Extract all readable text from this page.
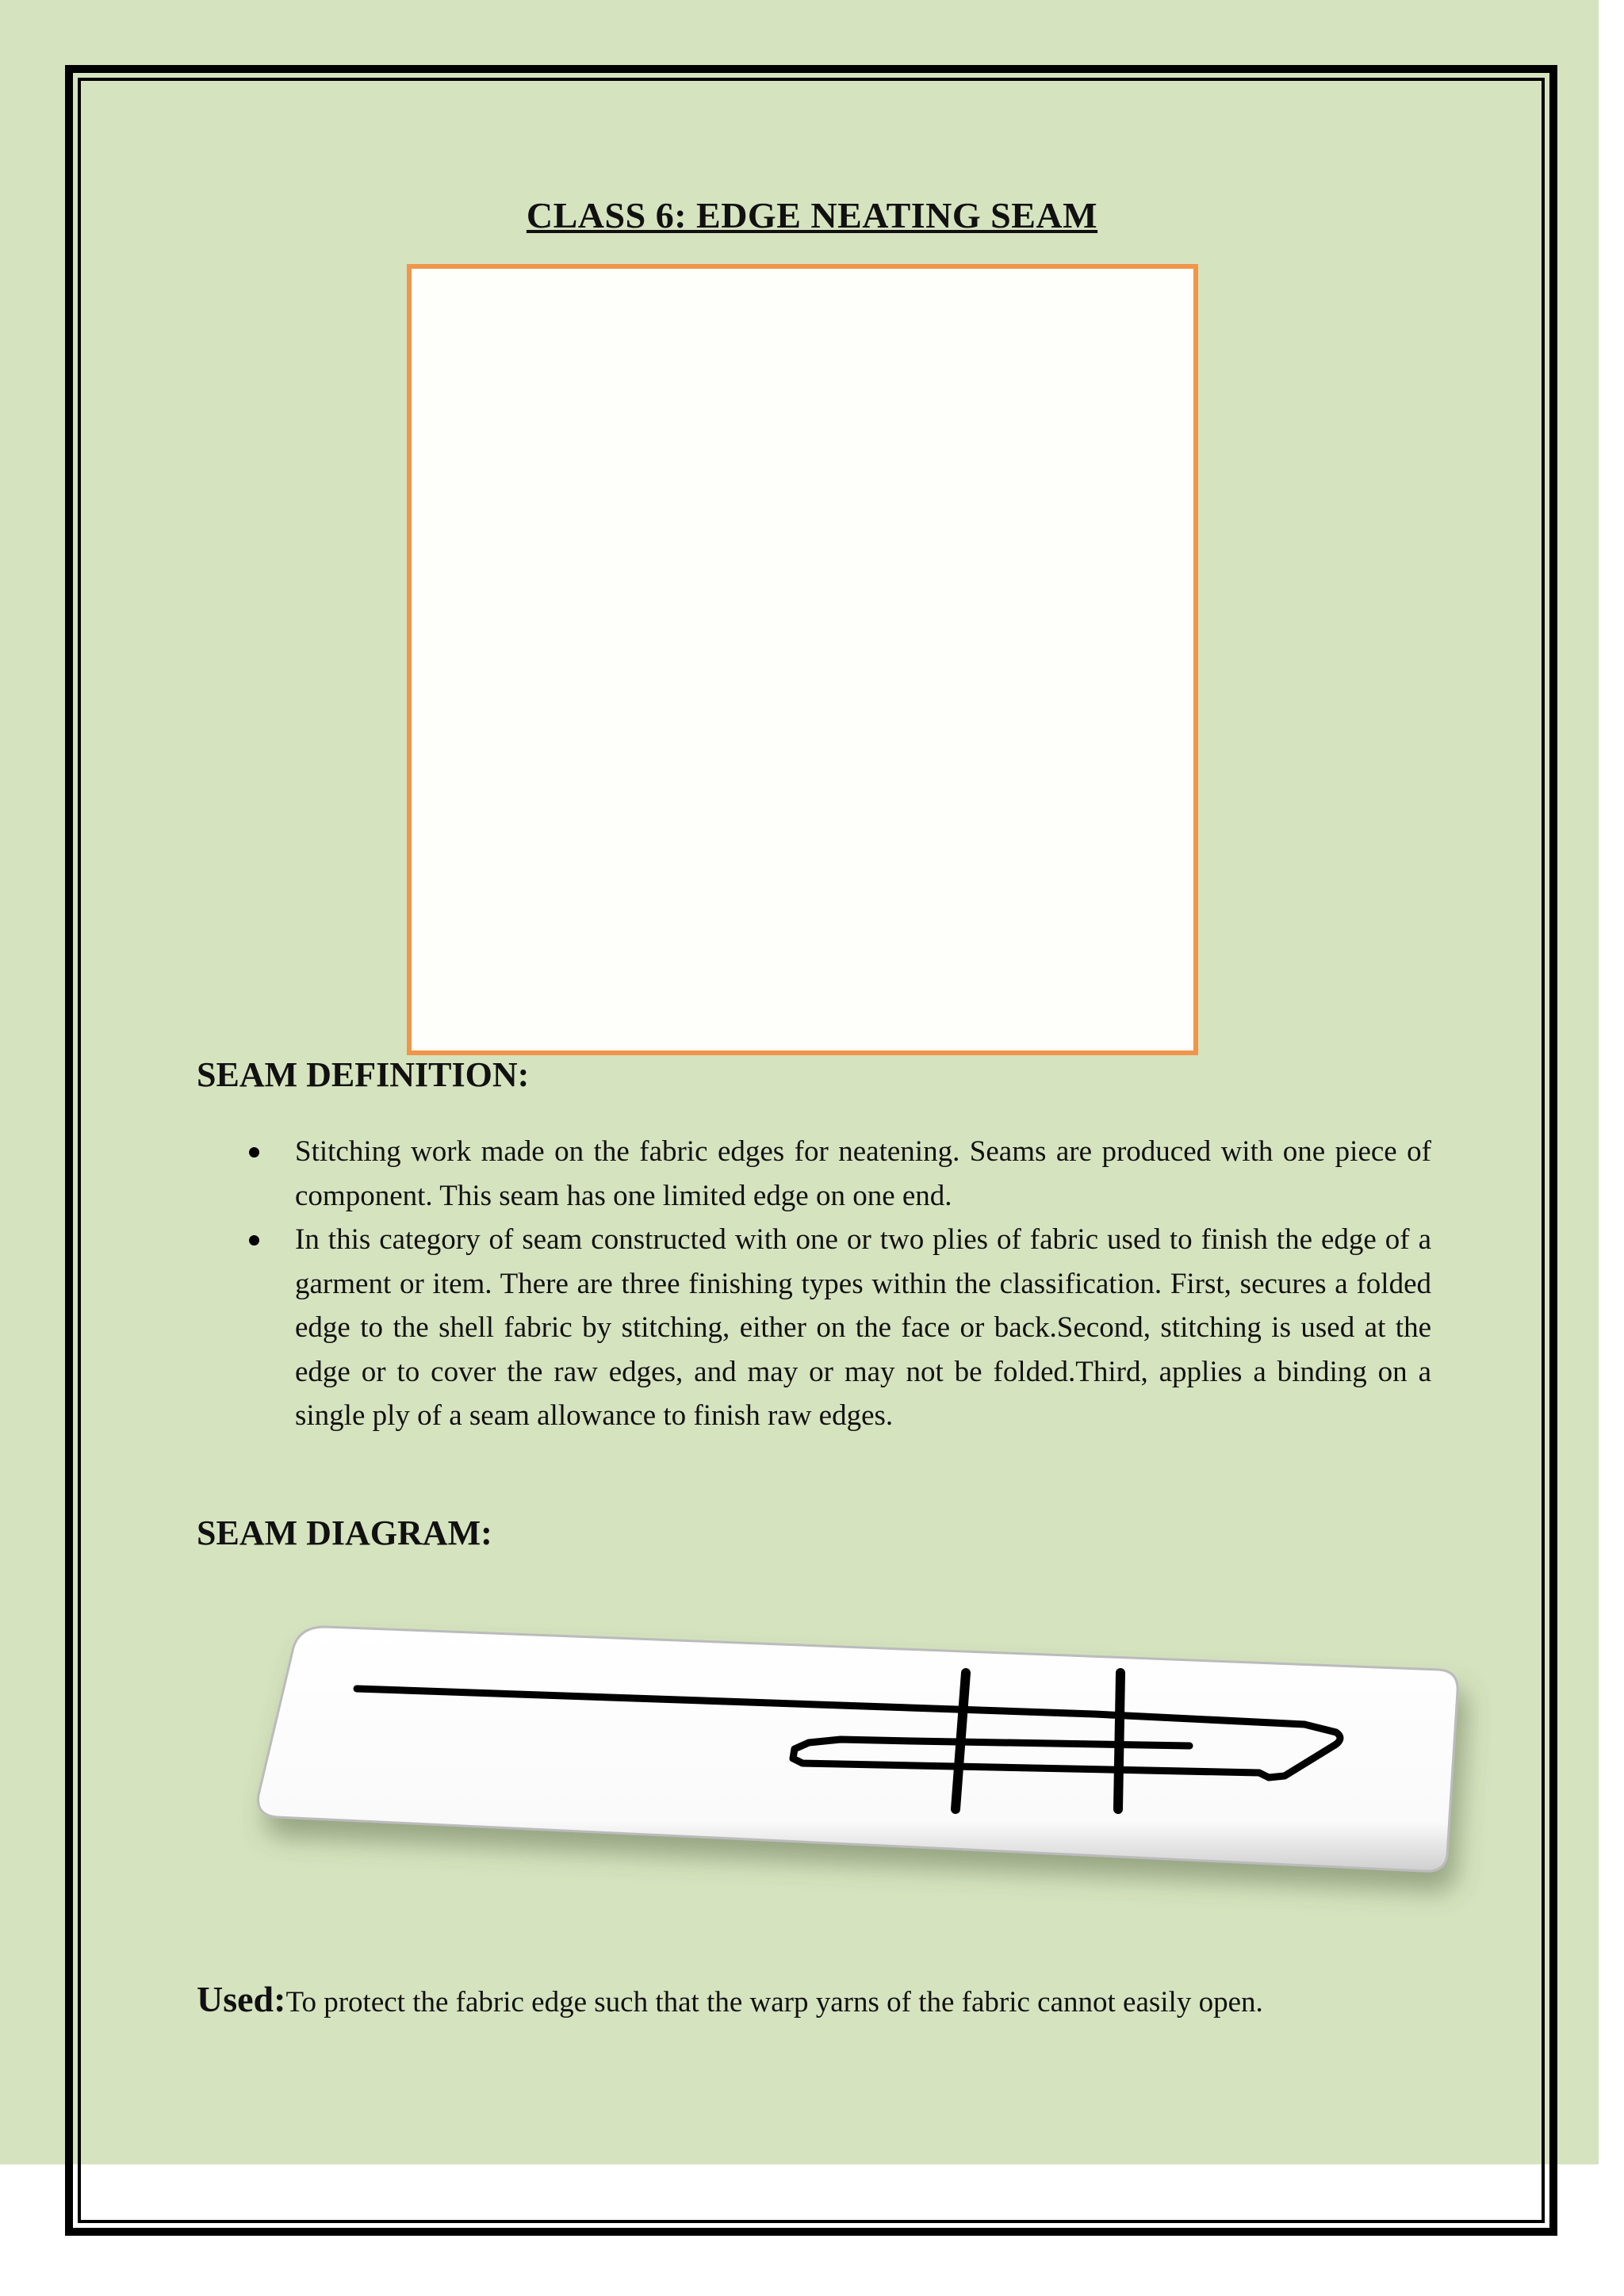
CLASS 6: EDGE NEATING SEAM
SEAM DEFINITION:
Stitching work made on the fabric edges for neatening. Seams are produced with one piece of component. This seam has one limited edge on one end.
In this category of seam constructed with one or two plies of fabric used to finish the edge of a garment or item. There are three finishing types within the classification. First, secures a folded edge to the shell fabric by stitching, either on the face or back.Second, stitching is used at the edge or to cover the raw edges, and may or may not be folded.Third, applies a binding on a single ply of a seam allowance to finish raw edges.
SEAM DIAGRAM:
Used:To protect the fabric edge such that the warp yarns of the fabric cannot easily open.
